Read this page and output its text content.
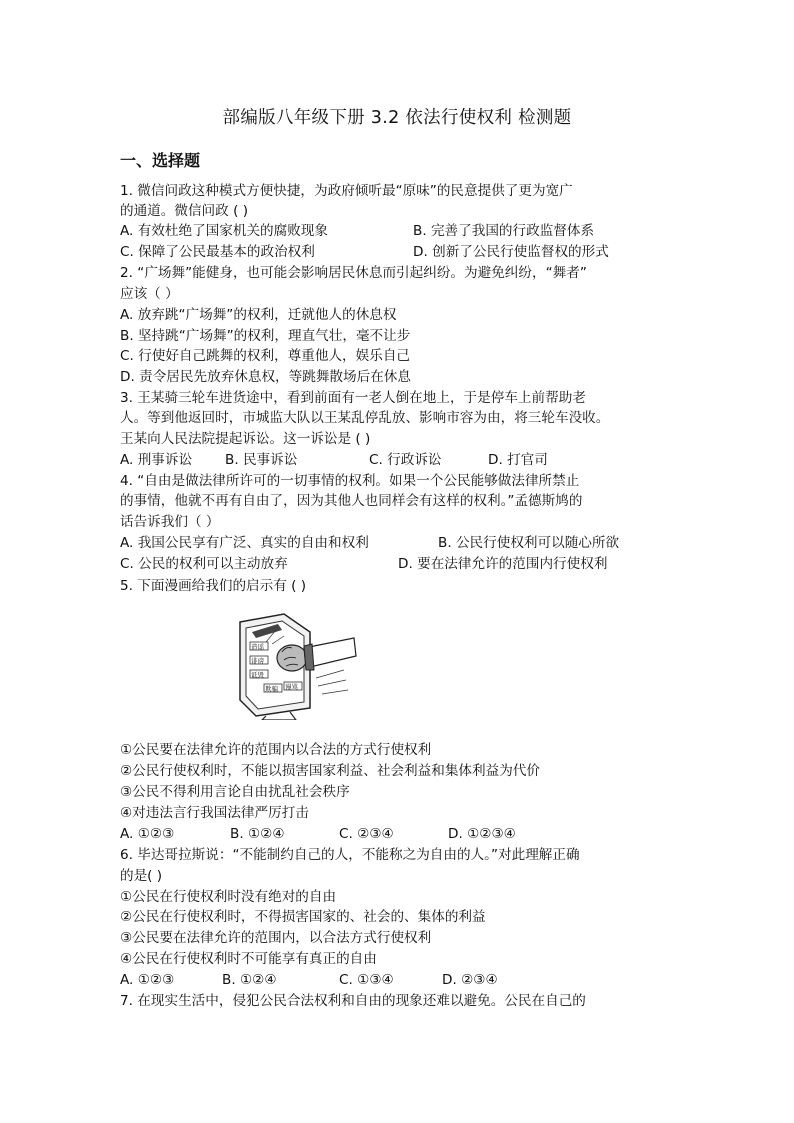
部编版八年级下册 3.2 依法行使权利 检测题
一、选择题
1. 微信问政这种模式方便快捷，为政府倾听最“原味”的民意提供了更为宽广
的通道。微信问政 ( )
A. 有效杜绝了国家机关的腐败现象	B. 完善了我国的行政监督体系
C. 保障了公民最基本的政治权利	D. 创新了公民行使监督权的形式
2. “广场舞”能健身，也可能会影响居民休息而引起纠纷。为避免纠纷，“舞者”
应该（ ）
A. 放弃跳“广场舞”的权利，迁就他人的休息权
B. 坚持跳“广场舞”的权利，理直气壮，毫不让步
C. 行使好自己跳舞的权利，尊重他人，娱乐自己
D. 责令居民先放弃休息权，等跳舞散场后在休息
3. 王某骑三轮车进货途中，看到前面有一老人倒在地上，于是停车上前帮助老
人。等到他返回时，市城监大队以王某乱停乱放、影响市容为由，将三轮车没收。
王某向人民法院提起诉讼。这一诉讼是 ( )
A. 刑事诉讼 B. 民事诉讼	C. 行政诉讼	D. 打官司
4. “自由是做法律所许可的一切事情的权利。如果一个公民能够做法律所禁止
的事情，他就不再有自由了，因为其他人也同样会有这样的权利。”孟德斯鸠的
话告诉我们（ ）
A. 我国公民享有广泛、真实的自由和权利	B. 公民行使权利可以随心所欲
C. 公民的权利可以主动放弃	D. 要在法律允许的范围内行使权利
5. 下面漫画给我们的启示有 ( )
造谣
诽谤
诋毁
欺骗 谩骂
①公民要在法律允许的范围内以合法的方式行使权利
②公民行使权利时，不能以损害国家利益、社会利益和集体利益为代价
③公民不得利用言论自由扰乱社会秩序
④对违法言行我国法律严厉打击
A. ①②③	B. ①②④	C. ②③④	D. ①②③④
6. 毕达哥拉斯说：“不能制约自己的人，不能称之为自由的人。”对此理解正确
的是( )
①公民在行使权利时没有绝对的自由
②公民在行使权利时，不得损害国家的、社会的、集体的利益
③公民要在法律允许的范围内，以合法方式行使权利
④公民在行使权利时不可能享有真正的自由
A. ①②③	B. ①②④	C. ①③④	D. ②③④
7. 在现实生活中，侵犯公民合法权利和自由的现象还难以避免。公民在自己的
